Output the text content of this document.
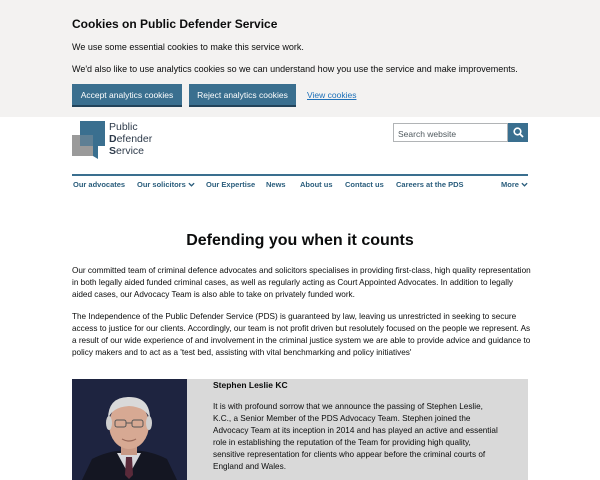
Cookies on Public Defender Service
We use some essential cookies to make this service work.
We'd also like to use analytics cookies so we can understand how you use the service and make improvements.
Accept analytics cookies	Reject analytics cookies	View cookies
Public
Defender
Service
Search website
Our advocates Our solicitors	Our Expertise News About us Contact us Careers at the PDS	More
Defending you when it counts

Our committed team of criminal defence advocates and solicitors specialises in providing first-class, high quality representation in both legally aided funded criminal cases, as well as regularly acting as Court Appointed Advocates. In addition to legally aided cases, our Advocacy Team is also able to take on privately funded work.

The Independence of the Public Defender Service (PDS) is guaranteed by law, leaving us unrestricted in seeking to secure access to justice for our clients. Accordingly, our team is not profit driven but resolutely focused on the people we represent. As a result of our wide experience of and involvement in the criminal justice system we are able to provide advice and guidance to policy makers and to act as a 'test bed, assisting with vital benchmarking and policy initiatives'

Stephen Leslie KC

It is with profound sorrow that we announce the passing of Stephen Leslie, K.C., a Senior Member of the PDS Advocacy Team. Stephen joined the Advocacy Team at its inception in 2014 and has played an active and essential role in establishing the reputation of the Team for providing high quality, sensitive representation for clients who appear before the criminal courts of England and Wales.
